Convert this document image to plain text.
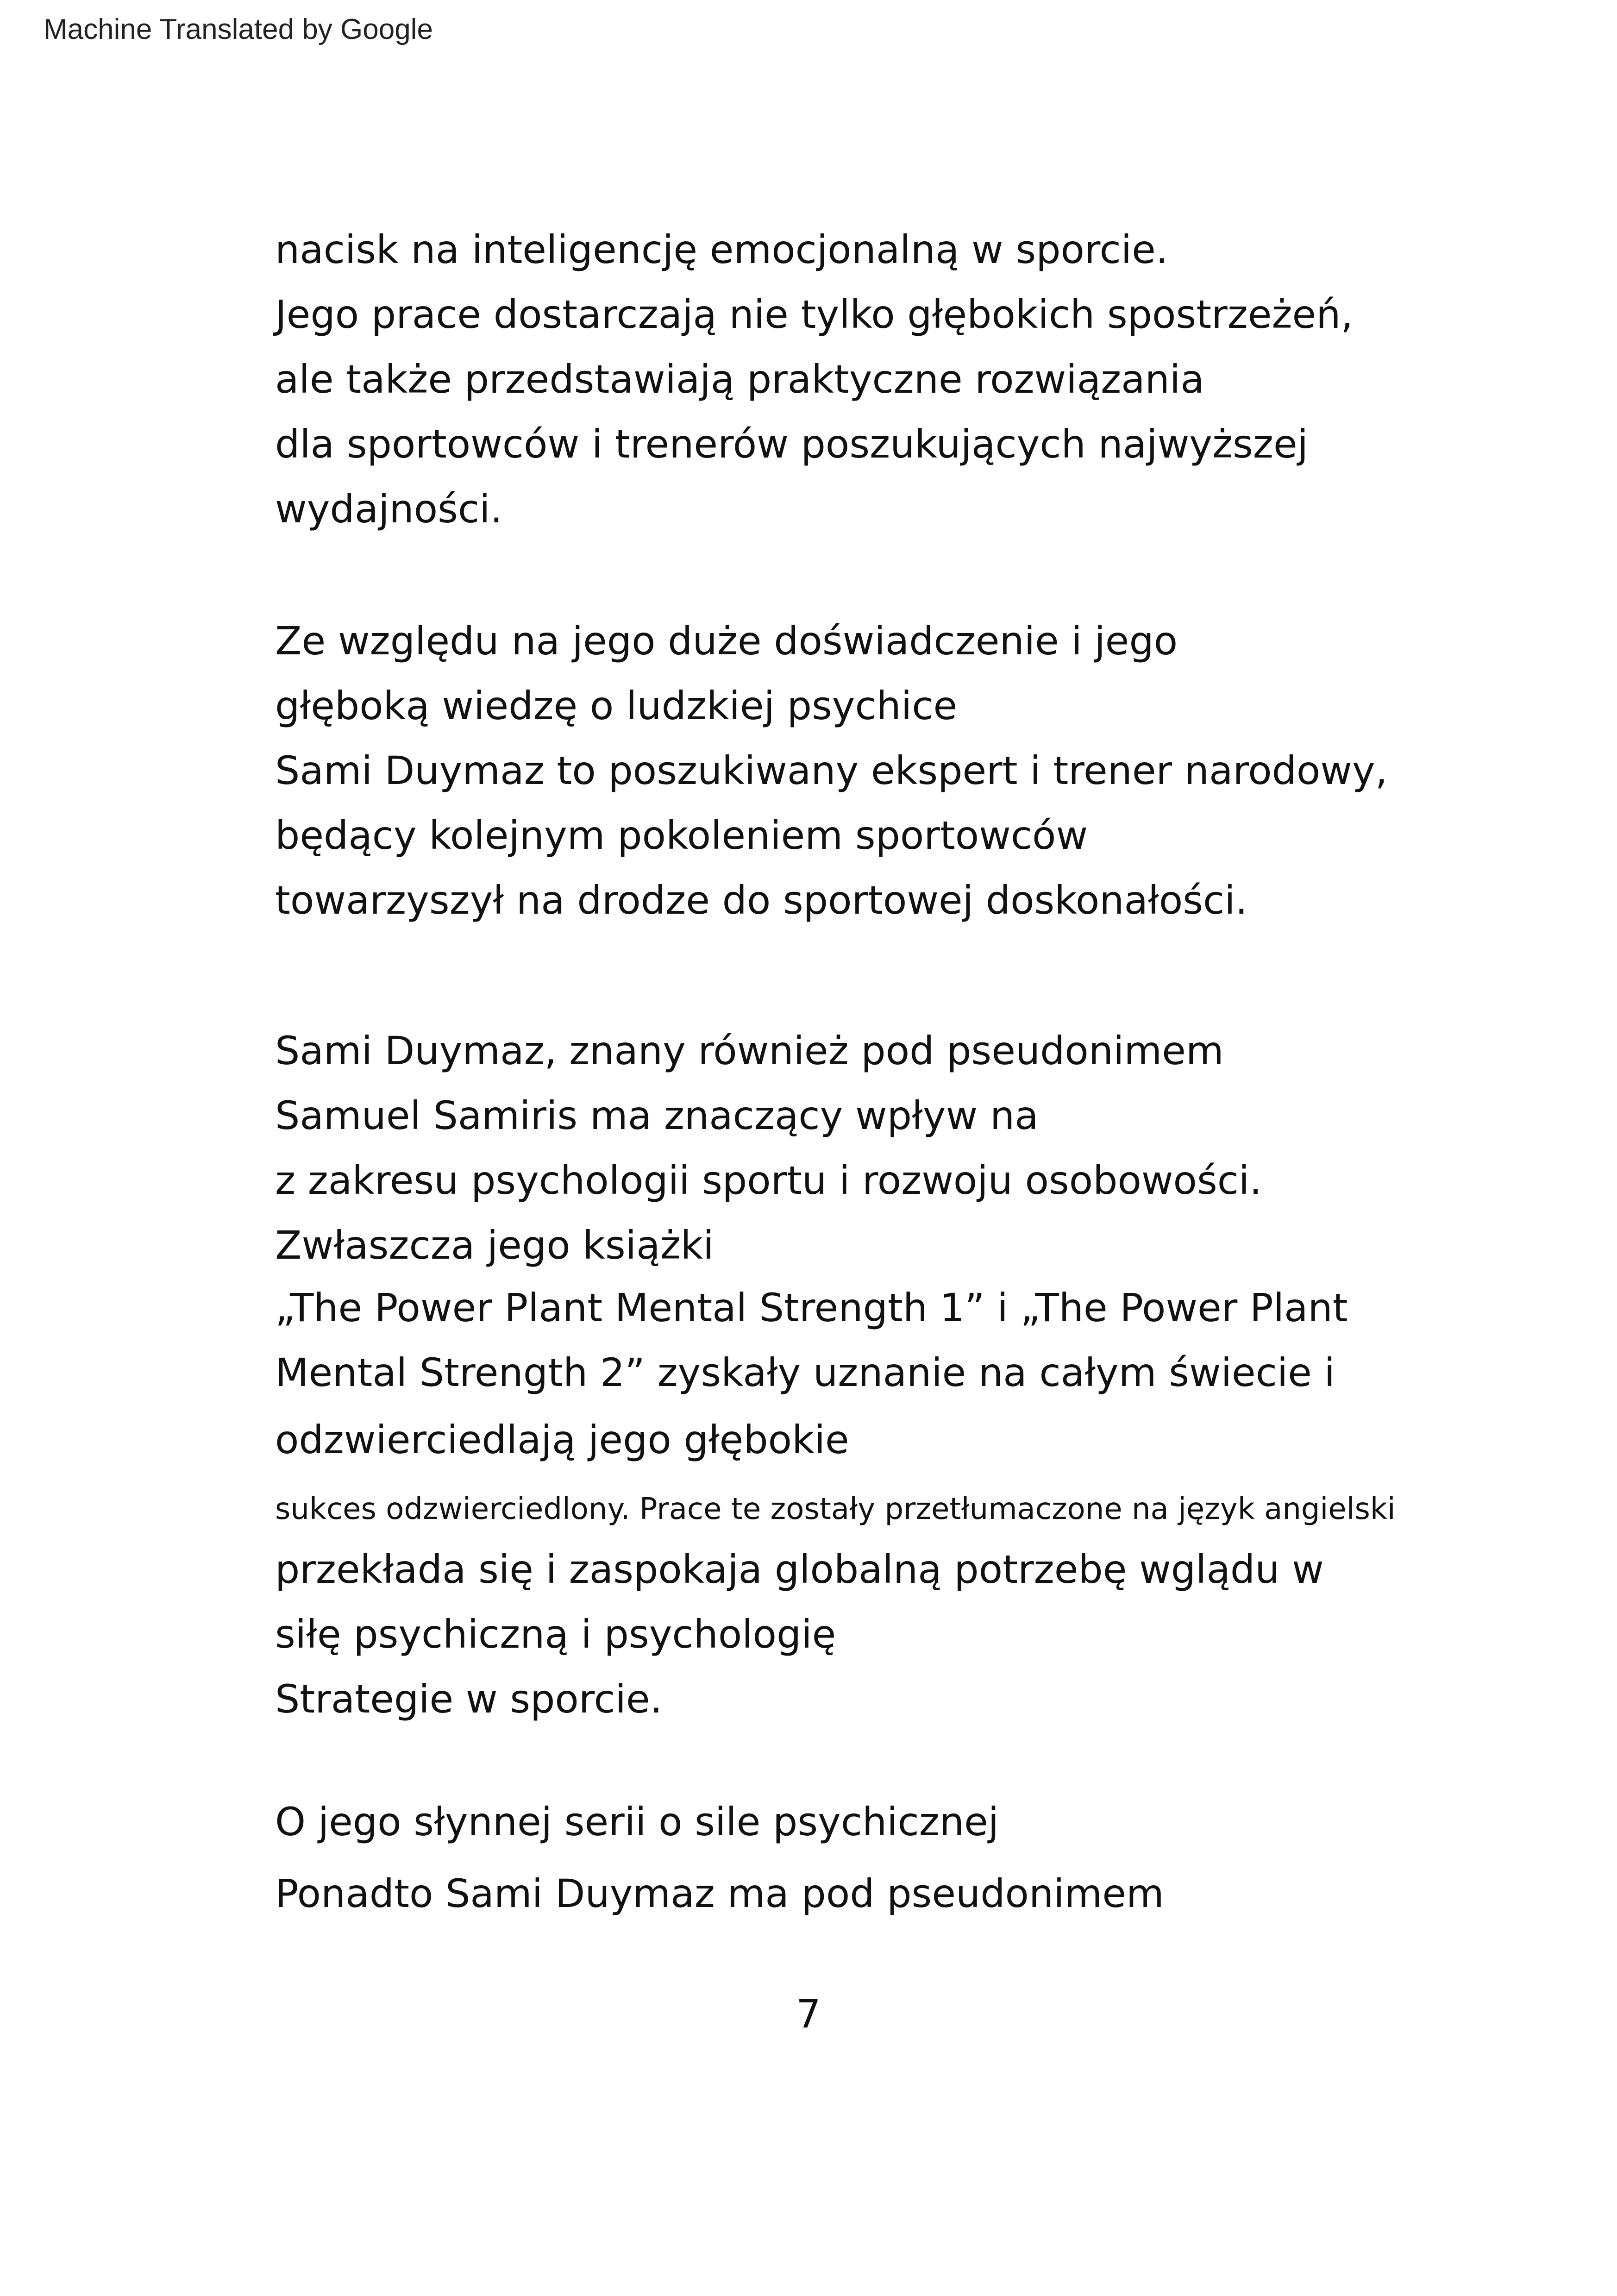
Machine Translated by Google
nacisk na inteligencję emocjonalną w sporcie.
Jego prace dostarczają nie tylko głębokich spostrzeżeń,
ale także przedstawiają praktyczne rozwiązania
dla sportowców i trenerów poszukujących najwyższej
wydajności.
Ze względu na jego duże doświadczenie i jego
głęboką wiedzę o ludzkiej psychice
Sami Duymaz to poszukiwany ekspert i trener narodowy,
będący kolejnym pokoleniem sportowców
towarzyszył na drodze do sportowej doskonałości.
Sami Duymaz, znany również pod pseudonimem
Samuel Samiris ma znaczący wpływ na
z zakresu psychologii sportu i rozwoju osobowości.
Zwłaszcza jego książki
„The Power Plant Mental Strength 1” i „The Power Plant
Mental Strength 2” zyskały uznanie na całym świecie i
odzwierciedlają jego głębokie
sukces odzwierciedlony. Prace te zostały przetłumaczone na język angielski
przekłada się i zaspokaja globalną potrzebę wglądu w
siłę psychiczną i psychologię
Strategie w sporcie.
O jego słynnej serii o sile psychicznej
Ponadto Sami Duymaz ma pod pseudonimem
7
